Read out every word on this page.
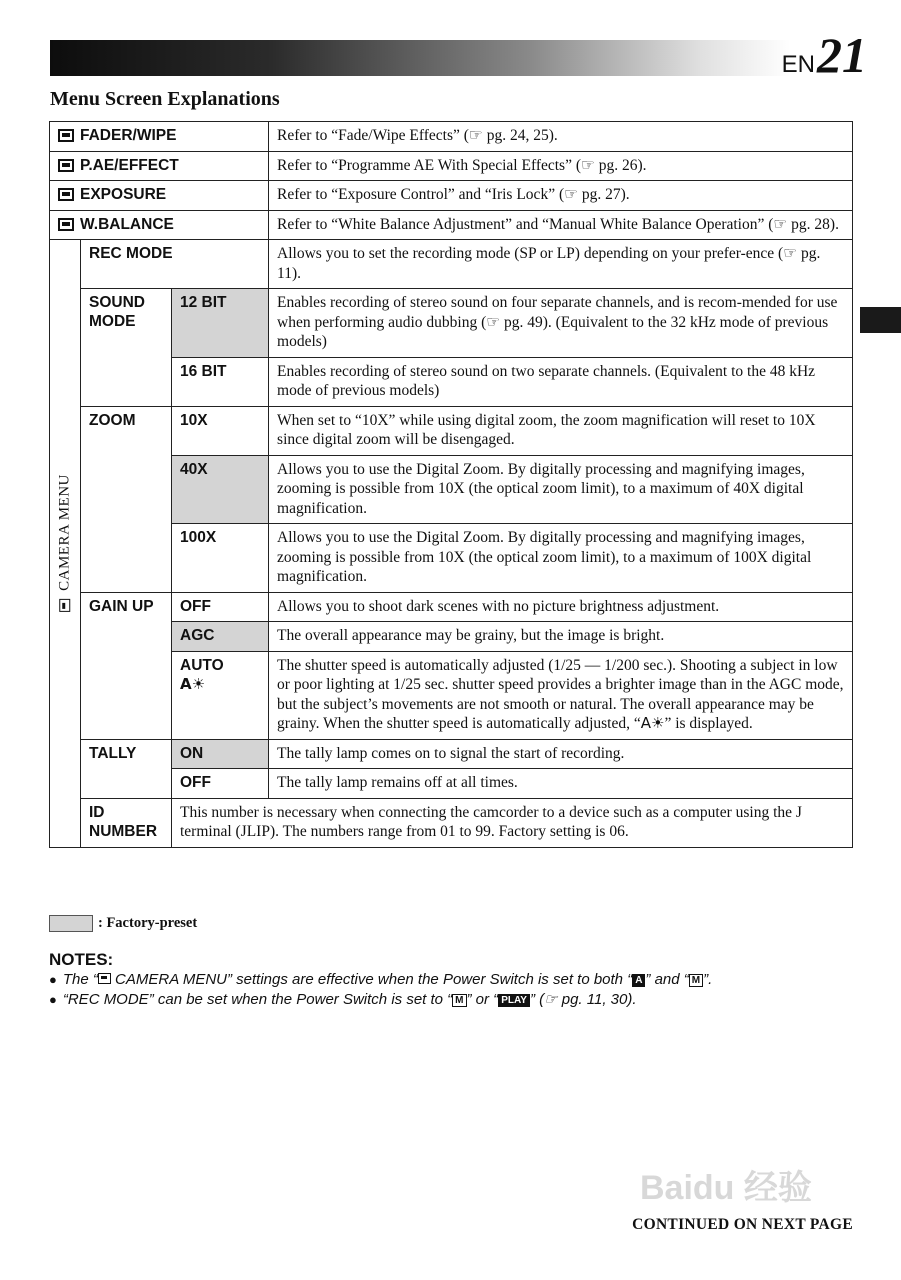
EN 21
Menu Screen Explanations
FADER/WIPE			Refer to “Fade/Wipe Effects” (☞ pg. 24, 25).
P.AE/EFFECT			Refer to “Programme AE With Special Effects” (☞ pg. 26).
EXPOSURE			Refer to “Exposure Control” and “Iris Lock” (☞ pg. 27).
W.BALANCE			Refer to “White Balance Adjustment” and “Manual White Balance Operation” (☞ pg. 28).

CAMERA MENU	REC MODE		Allows you to set the recording mode (SP or LP) depending on your prefer-ence (☞ pg. 11).
	SOUND MODE	12 BIT	Enables recording of stereo sound on four separate channels, and is recom-mended for use when performing audio dubbing (☞ pg. 49). (Equivalent to the 32 kHz mode of previous models)
		16 BIT	Enables recording of stereo sound on two separate channels. (Equivalent to the 48 kHz mode of previous models)
	ZOOM	10X	When set to “10X” while using digital zoom, the zoom magnification will reset to 10X since digital zoom will be disengaged.
		40X	Allows you to use the Digital Zoom. By digitally processing and magnifying images, zooming is possible from 10X (the optical zoom limit), to a maximum of 40X digital magnification.
		100X	Allows you to use the Digital Zoom. By digitally processing and magnifying images, zooming is possible from 10X (the optical zoom limit), to a maximum of 100X digital magnification.
	GAIN UP	OFF	Allows you to shoot dark scenes with no picture brightness adjustment.
		AGC	The overall appearance may be grainy, but the image is bright.
		AUTO
A☀	The shutter speed is automatically adjusted (1/25 — 1/200 sec.). Shooting a subject in low or poor lighting at 1/25 sec. shutter speed provides a brighter image than in the AGC mode, but the subject’s movements are not smooth or natural. The overall appearance may be grainy. When the shutter speed is automatically adjusted, “A☀” is displayed.
	TALLY	ON	The tally lamp comes on to signal the start of recording.
		OFF	The tally lamp remains off at all times.
	ID NUMBER	This number is necessary when connecting the camcorder to a device such as a computer using the J terminal (JLIP). The numbers range from 01 to 99. Factory setting is 06.	
: Factory-preset
NOTES:
● The “ CAMERA MENU” settings are effective when the Power Switch is set to both “ A ” and “ M ”.
● “REC MODE” can be set when the Power Switch is set to “ M ” or “ PLAY ” (☞ pg. 11, 30).
Baidu 经验
CONTINUED ON NEXT PAGE
